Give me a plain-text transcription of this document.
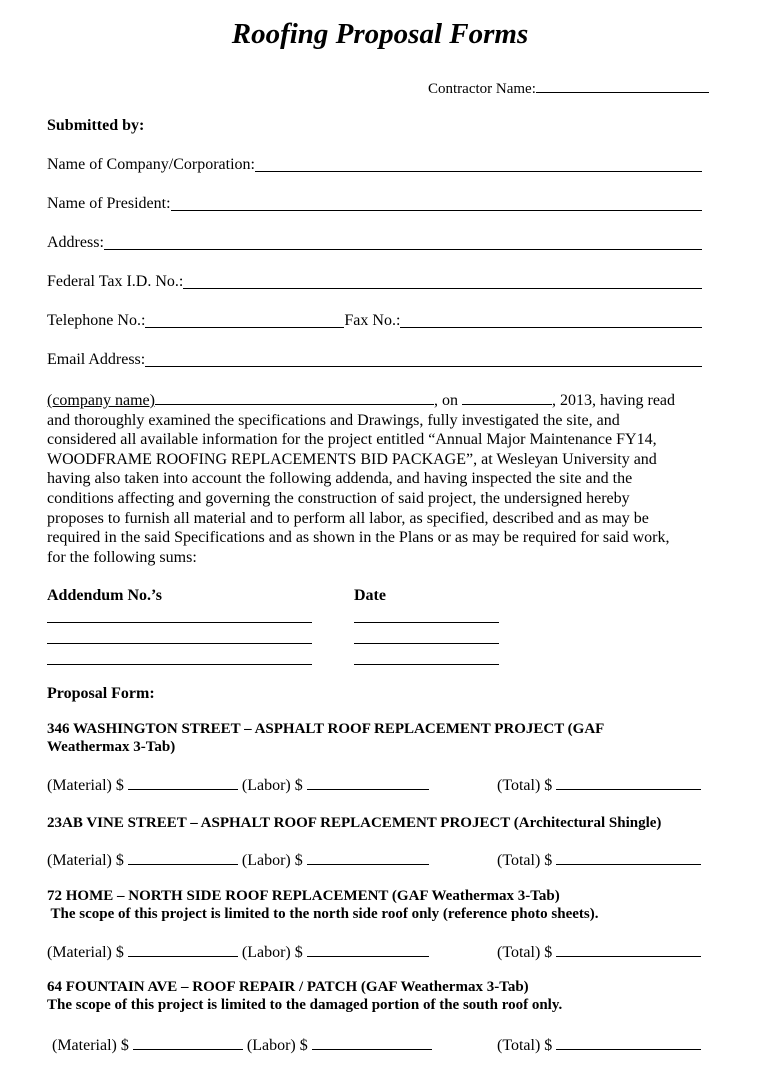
Roofing Proposal Forms
Contractor Name:
Submitted by:
Name of Company/Corporation:
Name of President:
Address:
Federal Tax I.D. No.:
Telephone No.:	Fax No.:
Email Address:
(company name)	, on	, 2013, having read
and thoroughly examined the specifications and Drawings, fully investigated the site, and
considered all available information for the project entitled “Annual Major Maintenance FY14,
WOODFRAME ROOFING REPLACEMENTS BID PACKAGE”, at Wesleyan University and
having also taken into account the following addenda, and having inspected the site and the
conditions affecting and governing the construction of said project, the undersigned hereby
proposes to furnish all material and to perform all labor, as specified, described and as may be
required in the said Specifications and as shown in the Plans or as may be required for said work,
for the following sums:
Addendum No.’s	Date
Proposal Form:
346 WASHINGTON STREET – ASPHALT ROOF REPLACEMENT PROJECT (GAF
Weathermax 3-Tab)
(Material) $	(Labor) $	(Total) $
23AB VINE STREET – ASPHALT ROOF REPLACEMENT PROJECT (Architectural Shingle)
(Material) $	(Labor) $	(Total) $
72 HOME – NORTH SIDE ROOF REPLACEMENT (GAF Weathermax 3-Tab)
The scope of this project is limited to the north side roof only (reference photo sheets).
(Material) $	(Labor) $	(Total) $
64 FOUNTAIN AVE – ROOF REPAIR / PATCH (GAF Weathermax 3-Tab)
The scope of this project is limited to the damaged portion of the south roof only.
(Material) $	(Labor) $	(Total) $
